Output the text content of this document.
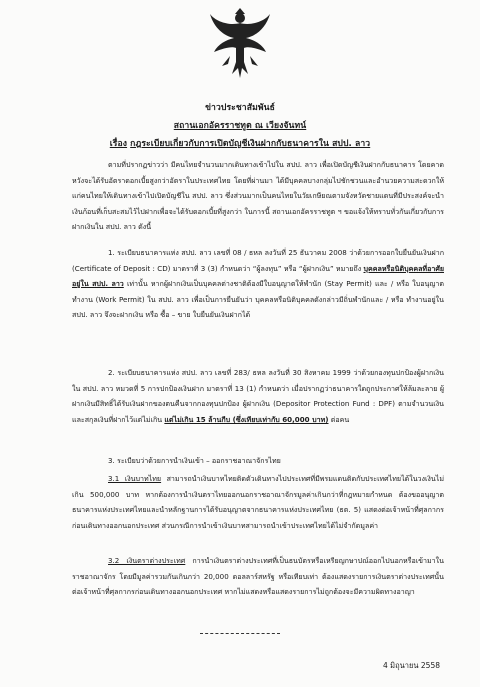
ข่าวประชาสัมพันธ์
สถานเอกอัครราชทูต ณ เวียงจันทน์
เรื่อง กฎระเบียบเกี่ยวกับการเปิดบัญชีเงินฝากกับธนาคารใน สปป. ลาว

ตามที่ปรากฏข่าวว่า มีคนไทยจำนวนมากเดินทางเข้าไปใน สปป. ลาว เพื่อเปิดบัญชีเงินฝากกับธนาคาร โดยคาดหวังจะได้รับอัตราดอกเบี้ยสูงกว่าอัตราในประเทศไทย โดยที่ผ่านมา ได้มีบุคคลบางกลุ่มไปชักชวนและอำนวยความสะดวกให้แก่คนไทยให้เดินทางเข้าไปเปิดบัญชีใน สปป. ลาว ซึ่งส่วนมากเป็นคนไทยในวัยเกษียณตามจังหวัดชายแดนที่มีประสงค์จะนำเงินก้อนที่เก็บสะสมไว้ไปฝากเพื่อจะได้รับดอกเบี้ยที่สูงกว่า ในการนี้ สถานเอกอัครราชทูต ฯ ขอแจ้งให้ทราบทั่วกันเกี่ยวกับการฝากเงินใน สปป. ลาว ดังนี้

1. ระเบียบธนาคารแห่ง สปป. ลาว เลขที่ 08 / ธหล ลงวันที่ 25 ธันวาคม 2008 ว่าด้วยการออกใบยืนยันเงินฝาก (Certificate of Deposit : CD) มาตราที่ 3 (3) กำหนดว่า “ผู้ลงทุน” หรือ “ผู้ฝากเงิน” หมายถึง บุคคลหรือนิติบุคคลที่อาศัยอยู่ใน สปป. ลาว เท่านั้น หากผู้ฝากเงินเป็นบุคคลต่างชาติต้องมีใบอนุญาตให้พำนัก (Stay Permit) และ / หรือ ใบอนุญาตทำงาน (Work Permit) ใน สปป. ลาว เพื่อเป็นการยืนยันว่า บุคคลหรือนิติบุคคลดังกล่าวมีถิ่นพำนักและ / หรือ ทำงานอยู่ใน สปป. ลาว จึงจะฝากเงิน หรือ ซื้อ – ขาย ใบยืนยันเงินฝากได้

2. ระเบียบธนาคารแห่ง สปป. ลาว เลขที่ 283/ ธหล ลงวันที่ 30 สิงหาคม 1999 ว่าด้วยกองทุนปกป้องผู้ฝากเงินใน สปป. ลาว หมวดที่ 5 การปกป้องเงินฝาก มาตราที่ 13 (1) กำหนดว่า เมื่อปรากฏว่าธนาคารใดถูกประกาศให้ล้มละลาย ผู้ฝากเงินมีสิทธิ์ได้รับเงินฝากของตนคืนจากกองทุนปกป้อง ผู้ฝากเงิน (Depositor Protection Fund : DPF) ตามจำนวนเงินและสกุลเงินที่ฝากไว้แต่ไม่เกิน แต่ไม่เกิน 15 ล้านกีบ (ซึ่งเทียบเท่ากับ 60,000 บาท) ต่อคน

3. ระเบียบว่าด้วยการนำเงินเข้า – ออกราชอาณาจักรไทย

3.1 เงินบาทไทย สามารถนำเงินบาทไทยติดตัวเดินทางไปประเทศที่มีพรมแดนติดกับประเทศไทยได้ในวงเงินไม่เกิน 500,000 บาท หากต้องการนำเงินตราไทยออกนอกราชอาณาจักรมูลค่าเกินกว่าที่กฎหมายกำหนด ต้องขออนุญาตธนาคารแห่งประเทศไทยและนำหลักฐานการได้รับอนุญาตจากธนาคารแห่งประเทศไทย (ธต. 5) แสดงต่อเจ้าหน้าที่ศุลกากรก่อนเดินทางออกนอกประเทศ ส่วนกรณีการนำเข้าเงินบาทสามารถนำเข้าประเทศไทยได้ไม่จำกัดมูลค่า

3.2 เงินตราต่างประเทศ การนำเงินตราต่างประเทศที่เป็นธนบัตรหรือเหรียญกษาปณ์ออกไปนอกหรือเข้ามาในราชอาณาจักร โดยมีมูลค่ารวมกันเกินกว่า 20,000 ดอลลาร์สหรัฐ หรือเทียบเท่า ต้องแสดงรายการเงินตราต่างประเทศนั้นต่อเจ้าหน้าที่ศุลกากรก่อนเดินทางออกนอกประเทศ หากไม่แสดงหรือแสดงรายการไม่ถูกต้องจะมีความผิดทางอาญา

4 มิถุนายน 2558
